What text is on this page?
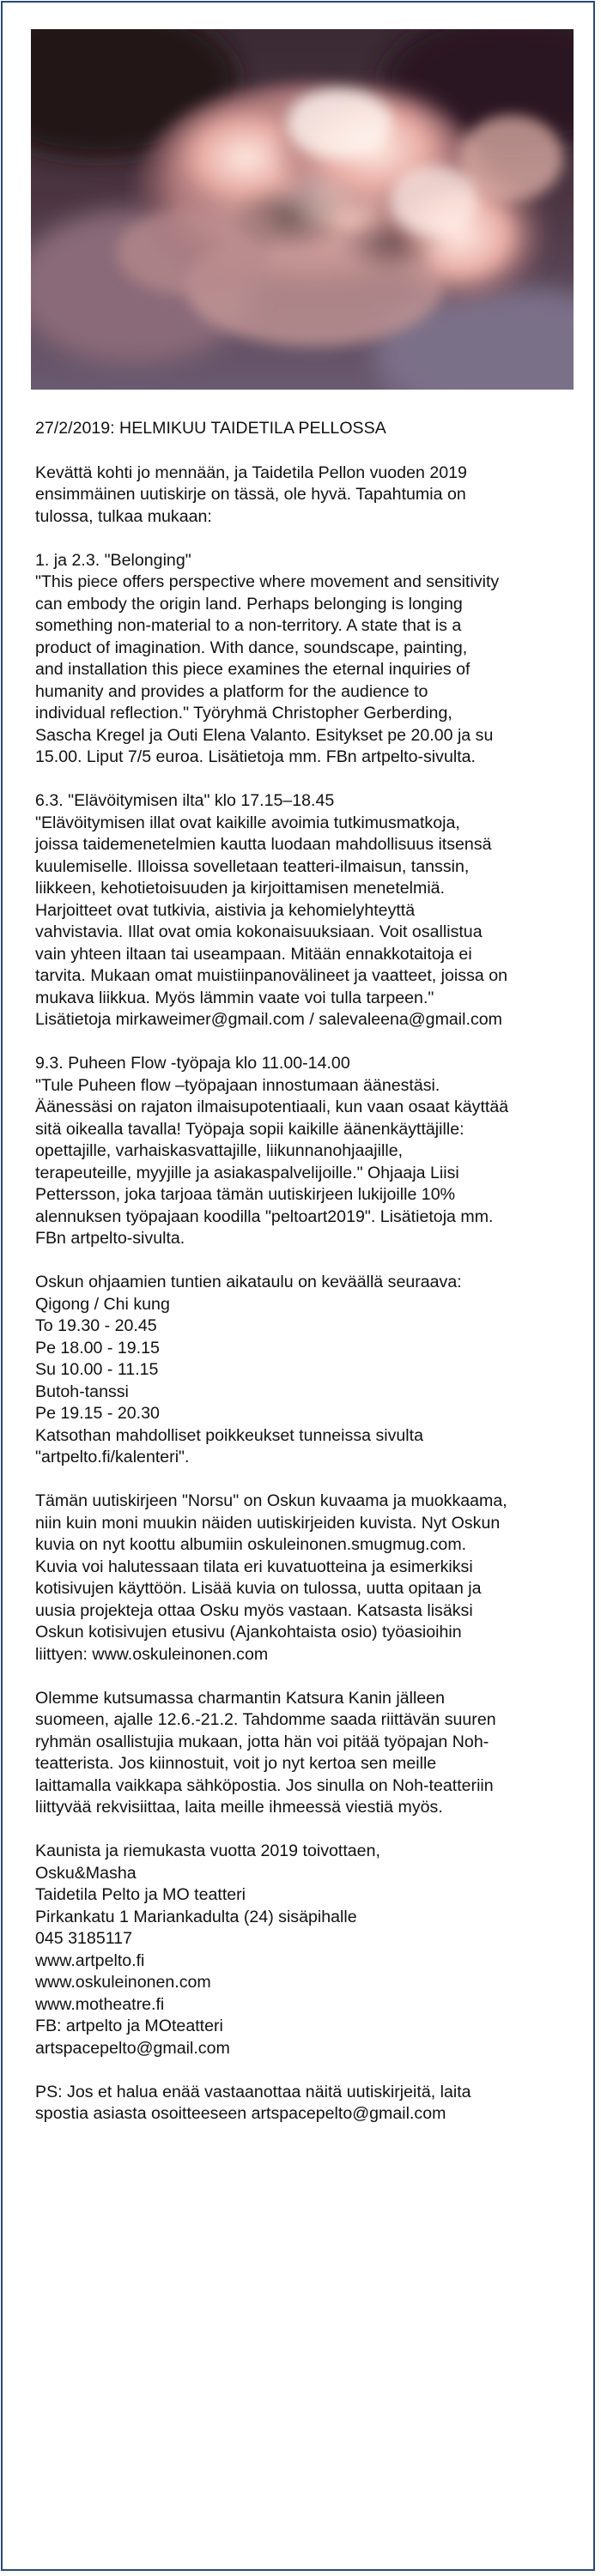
27/2/2019: HELMIKUU TAIDETILA PELLOSSA

Kevättä kohti jo mennään, ja Taidetila Pellon vuoden 2019
ensimmäinen uutiskirje on tässä, ole hyvä. Tapahtumia on
tulossa, tulkaa mukaan:

1. ja 2.3. "Belonging"
"This piece offers perspective where movement and sensitivity
can embody the origin land. Perhaps belonging is longing
something non-material to a non-territory. A state that is a
product of imagination. With dance, soundscape, painting,
and installation this piece examines the eternal inquiries of
humanity and provides a platform for the audience to
individual reflection." Työryhmä Christopher Gerberding,
Sascha Kregel ja Outi Elena Valanto. Esitykset pe 20.00 ja su
15.00. Liput 7/5 euroa. Lisätietoja mm. FBn artpelto-sivulta.

6.3. "Elävöitymisen ilta" klo 17.15–18.45
"Elävöitymisen illat ovat kaikille avoimia tutkimusmatkoja,
joissa taidemenetelmien kautta luodaan mahdollisuus itsensä
kuulemiselle. Illoissa sovelletaan teatteri-ilmaisun, tanssin,
liikkeen, kehotietoisuuden ja kirjoittamisen menetelmiä.
Harjoitteet ovat tutkivia, aistivia ja kehomielyhteyttä
vahvistavia. Illat ovat omia kokonaisuuksiaan. Voit osallistua
vain yhteen iltaan tai useampaan. Mitään ennakkotaitoja ei
tarvita. Mukaan omat muistiinpanovälineet ja vaatteet, joissa on
mukava liikkua. Myös lämmin vaate voi tulla tarpeen."
Lisätietoja mirkaweimer@gmail.com / salevaleena@gmail.com

9.3. Puheen Flow -työpaja klo 11.00-14.00
"Tule Puheen flow –työpajaan innostumaan äänestäsi.
Äänessäsi on rajaton ilmaisupotentiaali, kun vaan osaat käyttää
sitä oikealla tavalla! Työpaja sopii kaikille äänenkäyttäjille:
opettajille, varhaiskasvattajille, liikunnanohjaajille,
terapeuteille, myyjille ja asiakaspalvelijoille." Ohjaaja Liisi
Pettersson, joka tarjoaa tämän uutiskirjeen lukijoille 10%
alennuksen työpajaan koodilla "peltoart2019". Lisätietoja mm.
FBn artpelto-sivulta.

Oskun ohjaamien tuntien aikataulu on keväällä seuraava:
Qigong / Chi kung
To 19.30 - 20.45
Pe 18.00 - 19.15
Su 10.00 - 11.15
Butoh-tanssi
Pe 19.15 - 20.30
Katsothan mahdolliset poikkeukset tunneissa sivulta
"artpelto.fi/kalenteri".

Tämän uutiskirjeen "Norsu" on Oskun kuvaama ja muokkaama,
niin kuin moni muukin näiden uutiskirjeiden kuvista. Nyt Oskun
kuvia on nyt koottu albumiin oskuleinonen.smugmug.com.
Kuvia voi halutessaan tilata eri kuvatuotteina ja esimerkiksi
kotisivujen käyttöön. Lisää kuvia on tulossa, uutta opitaan ja
uusia projekteja ottaa Osku myös vastaan. Katsasta lisäksi
Oskun kotisivujen etusivu (Ajankohtaista osio) työasioihin
liittyen: www.oskuleinonen.com

Olemme kutsumassa charmantin Katsura Kanin jälleen
suomeen, ajalle 12.6.-21.2. Tahdomme saada riittävän suuren
ryhmän osallistujia mukaan, jotta hän voi pitää työpajan Noh-
teatterista. Jos kiinnostuit, voit jo nyt kertoa sen meille
laittamalla vaikkapa sähköpostia. Jos sinulla on Noh-teatteriin
liittyvää rekvisiittaa, laita meille ihmeessä viestiä myös.

Kaunista ja riemukasta vuotta 2019 toivottaen,
Osku&Masha
Taidetila Pelto ja MO teatteri
Pirkankatu 1 Mariankadulta (24) sisäpihalle
045 3185117
www.artpelto.fi
www.oskuleinonen.com
www.motheatre.fi
FB: artpelto ja MOteatteri
artspacepelto@gmail.com

PS: Jos et halua enää vastaanottaa näitä uutiskirjeitä, laita
spostia asiasta osoitteeseen artspacepelto@gmail.com
